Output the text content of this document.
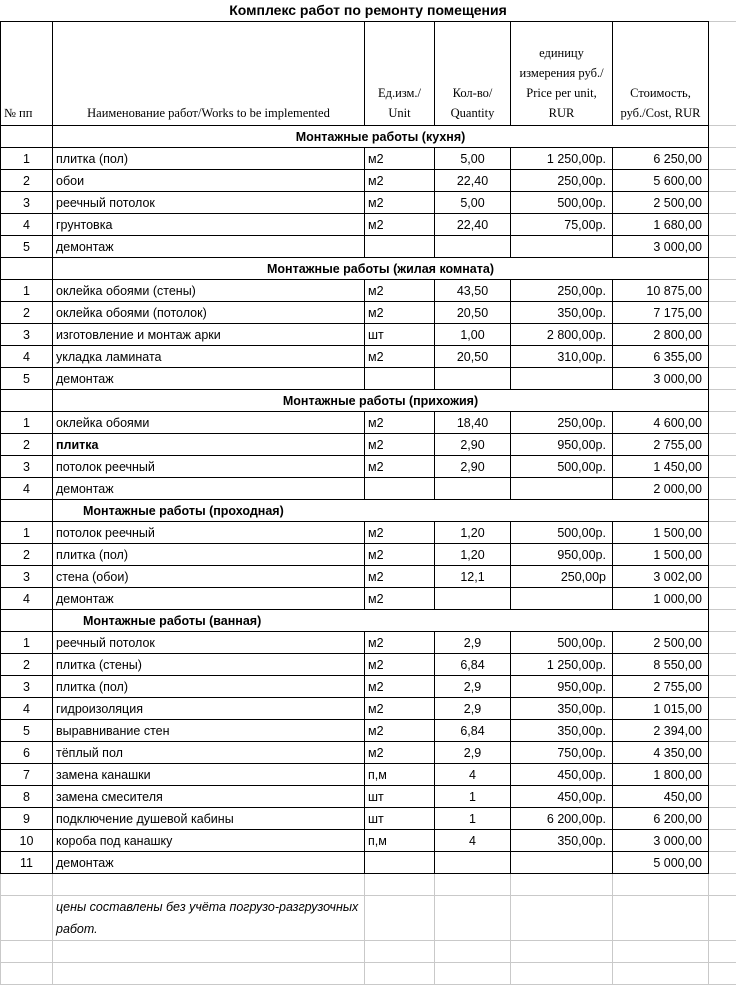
Комплекс работ по ремонту помещения
№ пп	Наименование работ/Works to be implemented	Ед.изм./ Unit	Кол-во/ Quantity	единицу измерения руб./ Price per unit, RUR	Стоимость, руб./Cost, RUR	
	Монтажные работы (кухня)					
1	плитка (пол)	м2	5,00	1 250,00р.	6 250,00	
2	обои	м2	22,40	250,00р.	5 600,00	
3	реечный потолок	м2	5,00	500,00р.	2 500,00	
4	грунтовка	м2	22,40	75,00р.	1 680,00	
5	демонтаж				3 000,00	
	Монтажные работы (жилая комната)					
1	оклейка обоями (стены)	м2	43,50	250,00р.	10 875,00	
2	оклейка обоями (потолок)	м2	20,50	350,00р.	7 175,00	
3	изготовление и монтаж арки	шт	1,00	2 800,00р.	2 800,00	
4	укладка ламината	м2	20,50	310,00р.	6 355,00	
5	демонтаж				3 000,00	
	Монтажные работы (прихожия)					
1	оклейка обоями	м2	18,40	250,00р.	4 600,00	
2	плитка	м2	2,90	950,00р.	2 755,00	
3	потолок реечный	м2	2,90	500,00р.	1 450,00	
4	демонтаж				2 000,00	
	Монтажные работы (проходная)					
1	потолок реечный	м2	1,20	500,00р.	1 500,00	
2	плитка (пол)	м2	1,20	950,00р.	1 500,00	
3	стена (обои)	м2	12,1	250,00р	3 002,00	
4	демонтаж	м2			1 000,00	
	Монтажные работы (ванная)					
1	реечный потолок	м2	2,9	500,00р.	2 500,00	
2	плитка (стены)	м2	6,84	1 250,00р.	8 550,00	
3	плитка (пол)	м2	2,9	950,00р.	2 755,00	
4	гидроизоляция	м2	2,9	350,00р.	1 015,00	
5	выравнивание стен	м2	6,84	350,00р.	2 394,00	
6	тёплый пол	м2	2,9	750,00р.	4 350,00	
7	замена канашки	п,м	4	450,00р.	1 800,00	
8	замена смесителя	шт	1	450,00р.	450,00	
9	подключение душевой кабины	шт	1	6 200,00р.	6 200,00	
10	короба под канашку	п,м	4	350,00р.	3 000,00	
11	демонтаж				5 000,00	

	цены составлены без учёта погрузо-разгрузочных работ.					
